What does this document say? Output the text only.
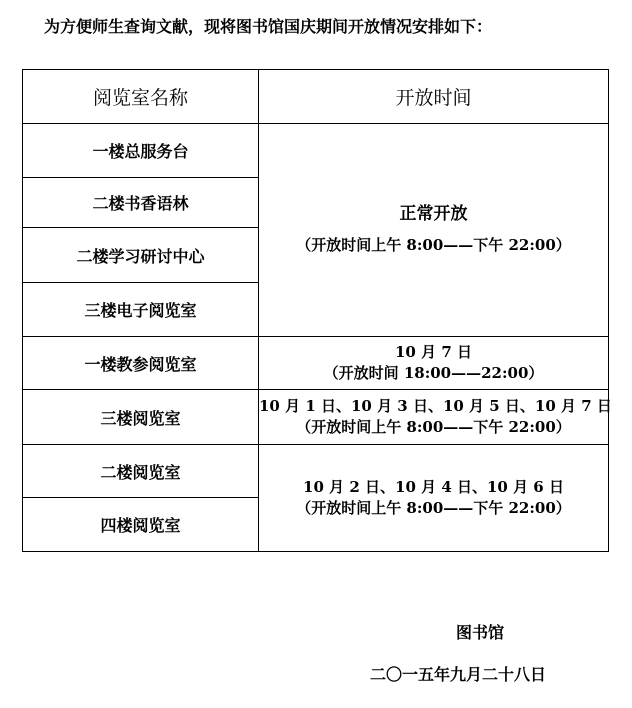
为方便师生查询文献，现将图书馆国庆期间开放情况安排如下：
阅览室名称	开放时间
一楼总服务台	正常开放
（开放时间上午 8:00——下午 22:00）

二楼书香语林	
二楼学习研讨中心	
三楼电子阅览室	
一楼教参阅览室	10 月 7 日
（开放时间 18:00——22:00）

三楼阅览室	10 月 1 日、10 月 3 日、10 月 5 日、10 月 7 日
（开放时间上午 8:00——下午 22:00）

二楼阅览室	10 月 2 日、10 月 4 日、10 月 6 日
（开放时间上午 8:00——下午 22:00）

四楼阅览室	
图书馆
二〇一五年九月二十八日
